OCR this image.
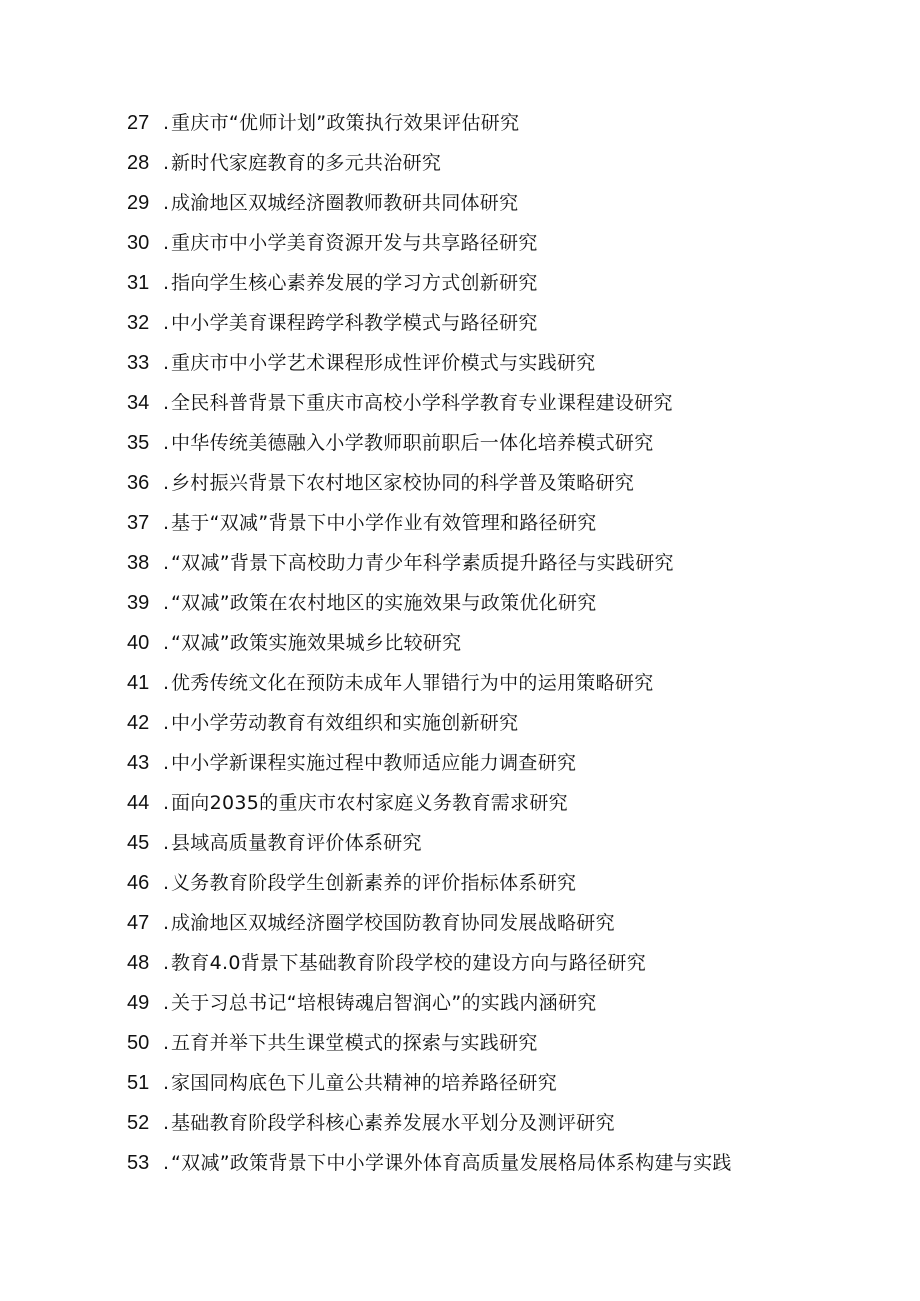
27 . 重庆市“优师计划”政策执行效果评估研究
28 . 新时代家庭教育的多元共治研究
29 . 成渝地区双城经济圈教师教研共同体研究
30 . 重庆市中小学美育资源开发与共享路径研究
31 . 指向学生核心素养发展的学习方式创新研究
32 . 中小学美育课程跨学科教学模式与路径研究
33 . 重庆市中小学艺术课程形成性评价模式与实践研究
34 . 全民科普背景下重庆市高校小学科学教育专业课程建设研究
35 . 中华传统美德融入小学教师职前职后一体化培养模式研究
36 . 乡村振兴背景下农村地区家校协同的科学普及策略研究
37 . 基于“双减”背景下中小学作业有效管理和路径研究
38 . “双减”背景下高校助力青少年科学素质提升路径与实践研究
39 . “双减”政策在农村地区的实施效果与政策优化研究
40 . “双减”政策实施效果城乡比较研究
41 . 优秀传统文化在预防未成年人罪错行为中的运用策略研究
42 . 中小学劳动教育有效组织和实施创新研究
43 . 中小学新课程实施过程中教师适应能力调查研究
44 . 面向2035的重庆市农村家庭义务教育需求研究
45 . 县域高质量教育评价体系研究
46 . 义务教育阶段学生创新素养的评价指标体系研究
47 . 成渝地区双城经济圈学校国防教育协同发展战略研究
48 . 教育4.0背景下基础教育阶段学校的建设方向与路径研究
49 . 关于习总书记“培根铸魂启智润心”的实践内涵研究
50 . 五育并举下共生课堂模式的探索与实践研究
51 . 家国同构底色下儿童公共精神的培养路径研究
52 . 基础教育阶段学科核心素养发展水平划分及测评研究
53 . “双减”政策背景下中小学课外体育高质量发展格局体系构建与实践
